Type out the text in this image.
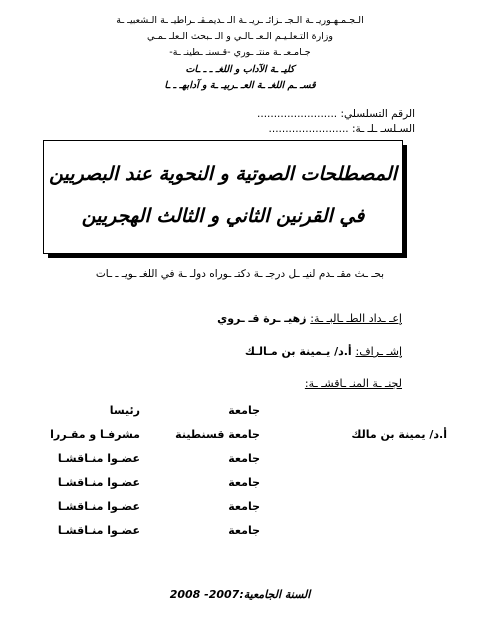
الـجـمـهـوريـ ـة الـجـ ـزائـ ـريـ ـة الـ ـديمـقـ ـراطيـ ـة الـشعبيـ ـة
وزارة التـعلـيـم الـعـ ـالـي و الـ ـبحث الـعلـ ـمـي
جـامـعـ ـة منتـ ـوري -قـسنـ ـطينـ ـة-
كليـ ـة الآداب و اللغـ ـ ـ ـات
قسـ ـم اللغـ ـة العـ ـربيـ ـة و آدابهـ ـ ـا
الرقم التسلسلي: ........................
السـلسـ ـلـ ـة: ........................
المصطلحات الصوتية و النحوية عند البصريين
في القرنين الثاني و الثالث الهجريين
بحـ ـث مقـ ـدم لنيـ ـل درجـ ـة دكتـ ـوراه دولـ ـة في اللغـ ـويـ ـ ـات
إعـ ـداد الطـ ـالبـ ـة: زهيـ ـرة قـ ـروي
إشـ ـراف: أ.د/ يـمينة بن مـالـك
لجنـ ـة المنـ ـاقشـ ـة:
جامعة
رئيسا
أ.د/ يمينة بن مالك
جامعة قسنطينة
مشرفـا و مقـررا
جامعة
عضـوا منـاقشـا
جامعة
عضـوا منـاقشـا
جامعة
عضـوا منـاقشـا
جامعة
عضـوا منـاقشـا
السنة الجامعية:2007- 2008
